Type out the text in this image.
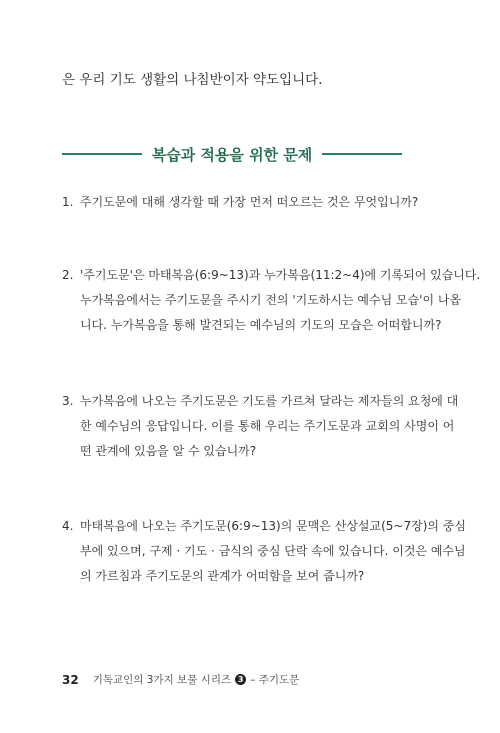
은 우리 기도 생활의 나침반이자 약도입니다.
복습과 적용을 위한 문제
1. 주기도문에 대해 생각할 때 가장 먼저 떠오르는 것은 무엇입니까?
2. '주기도문'은 마태복음(6:9~13)과 누가복음(11:2~4)에 기록되어 있습니다.
누가복음에서는 주기도문을 주시기 전의 '기도하시는 예수님 모습'이 나옵
니다. 누가복음을 통해 발견되는 예수님의 기도의 모습은 어떠합니까?
3. 누가복음에 나오는 주기도문은 기도를 가르쳐 달라는 제자들의 요청에 대
한 예수님의 응답입니다. 이를 통해 우리는 주기도문과 교회의 사명이 어
떤 관계에 있음을 알 수 있습니까?
4. 마태복음에 나오는 주기도문(6:9~13)의 문맥은 산상설교(5~7장)의 중심
부에 있으며, 구제 · 기도 · 금식의 중심 단락 속에 있습니다. 이것은 예수님
의 가르침과 주기도문의 관계가 어떠함을 보여 줍니까?
32 기독교인의 3가지 보물 시리즈 3 – 주기도문
